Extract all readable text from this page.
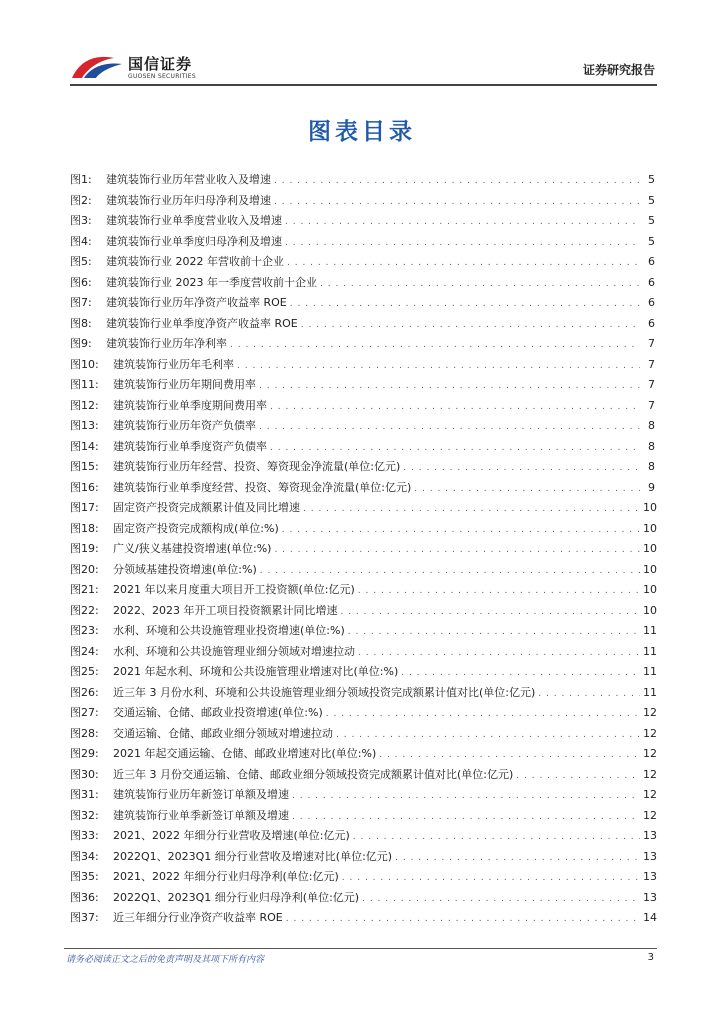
国信证券
GUOSEN SECURITIES	证券研究报告
图表目录
图1:	建筑装饰行业历年营业收入及增速 . . .	5
图2:	建筑装饰行业历年归母净利及增速 . . .	5
图3:	建筑装饰行业单季度营业收入及增速 . . .	5
图4:	建筑装饰行业单季度归母净利及增速 . . .	5
图5:	建筑装饰行业 2022 年营收前十企业 . . .	6
图6:	建筑装饰行业 2023 年一季度营收前十企业 . . .	6
图7:	建筑装饰行业历年净资产收益率 ROE . . .	6
图8:	建筑装饰行业单季度净资产收益率 ROE . . .	6
图9:	建筑装饰行业历年净利率 . . .	7
图10:	建筑装饰行业历年毛利率 . . .	7
图11:	建筑装饰行业历年期间费用率 . . .	7
图12:	建筑装饰行业单季度期间费用率 . . .	7
图13:	建筑装饰行业历年资产负债率 . . .	8
图14:	建筑装饰行业单季度资产负债率 . . .	8
图15:	建筑装饰行业历年经营、投资、筹资现金净流量(单位:亿元) . . .	8
图16:	建筑装饰行业单季度经营、投资、筹资现金净流量(单位:亿元) . . .	9
图17:	固定资产投资完成额累计值及同比增速 . . .	10
图18:	固定资产投资完成额构成(单位:%) . . .	10
图19:	广义/狭义基建投资增速(单位:%) . . .	10
图20:	分领域基建投资增速(单位:%) . . .	10
图21:	2021 年以来月度重大项目开工投资额(单位:亿元) . . .	10
图22:	2022、2023 年开工项目投资额累计同比增速 . . .	10
图23:	水利、环境和公共设施管理业投资增速(单位:%) . . .	11
图24:	水利、环境和公共设施管理业细分领域对增速拉动 . . .	11
图25:	2021 年起水利、环境和公共设施管理业增速对比(单位:%) . . .	11
图26:	近三年 3 月份水利、环境和公共设施管理业细分领域投资完成额累计值对比(单位:亿元) . . .	11
图27:	交通运输、仓储、邮政业投资增速(单位:%) . . .	12
图28:	交通运输、仓储、邮政业细分领域对增速拉动 . . .	12
图29:	2021 年起交通运输、仓储、邮政业增速对比(单位:%) . . .	12
图30:	近三年 3 月份交通运输、仓储、邮政业细分领域投资完成额累计值对比(单位:亿元) . . .	12
图31:	建筑装饰行业历年新签订单额及增速 . . .	12
图32:	建筑装饰行业单季新签订单额及增速 . . .	12
图33:	2021、2022 年细分行业营收及增速(单位:亿元) . . .	13
图34:	2022Q1、2023Q1 细分行业营收及增速对比(单位:亿元) . . .	13
图35:	2021、2022 年细分行业归母净利(单位:亿元) . . .	13
图36:	2022Q1、2023Q1 细分行业归母净利(单位:亿元) . . .	13
图37:	近三年细分行业净资产收益率 ROE . . .	14
请务必阅读正文之后的免责声明及其项下所有内容	3
